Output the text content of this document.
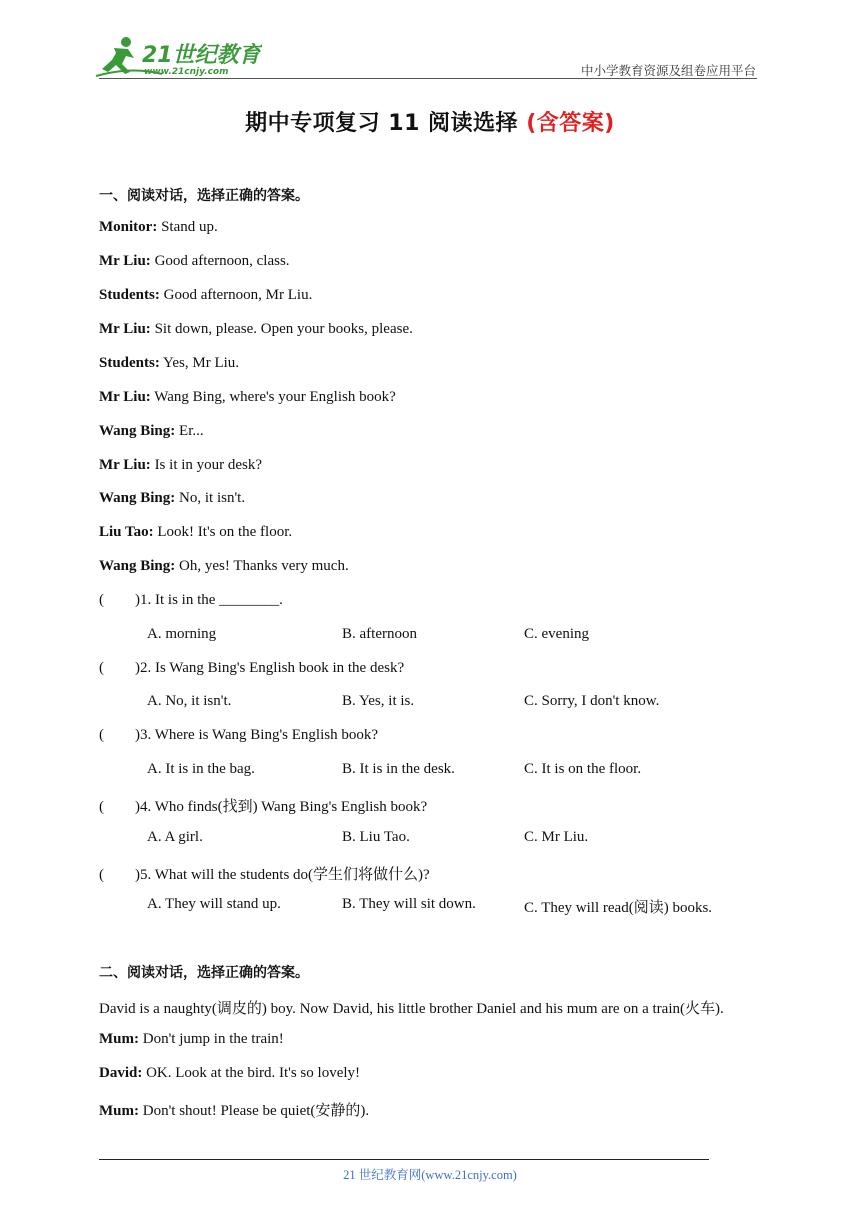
21世纪教育
www.21cnjy.com	中小学教育资源及组卷应用平台
期中专项复习 11 阅读选择 (含答案)
一、阅读对话，选择正确的答案。
Monitor: Stand up.
Mr Liu: Good afternoon, class.
Students: Good afternoon, Mr Liu.
Mr Liu: Sit down, please. Open your books, please.
Students: Yes, Mr Liu.
Mr Liu: Wang Bing, where's your English book?
Wang Bing: Er...
Mr Liu: Is it in your desk?
Wang Bing: No, it isn't.
Liu Tao: Look! It's on the floor.
Wang Bing: Oh, yes! Thanks very much.
( )1. It is in the ________.
A. morning	B. afternoon	C. evening
( )2. Is Wang Bing's English book in the desk?
A. No, it isn't.	B. Yes, it is.	C. Sorry, I don't know.
( )3. Where is Wang Bing's English book?
A. It is in the bag.	B. It is in the desk.	C. It is on the floor.
( )4. Who finds(找到) Wang Bing's English book?
A. A girl.	B. Liu Tao.	C. Mr Liu.
( )5. What will the students do(学生们将做什么)?
A. They will stand up.	B. They will sit down.	C. They will read(阅读) books.
二、阅读对话，选择正确的答案。
David is a naughty(调皮的) boy. Now David, his little brother Daniel and his mum are on a train(火车).
Mum: Don't jump in the train!
David: OK. Look at the bird. It's so lovely!
Mum: Don't shout! Please be quiet(安静的).
21 世纪教育网(www.21cnjy.com)
